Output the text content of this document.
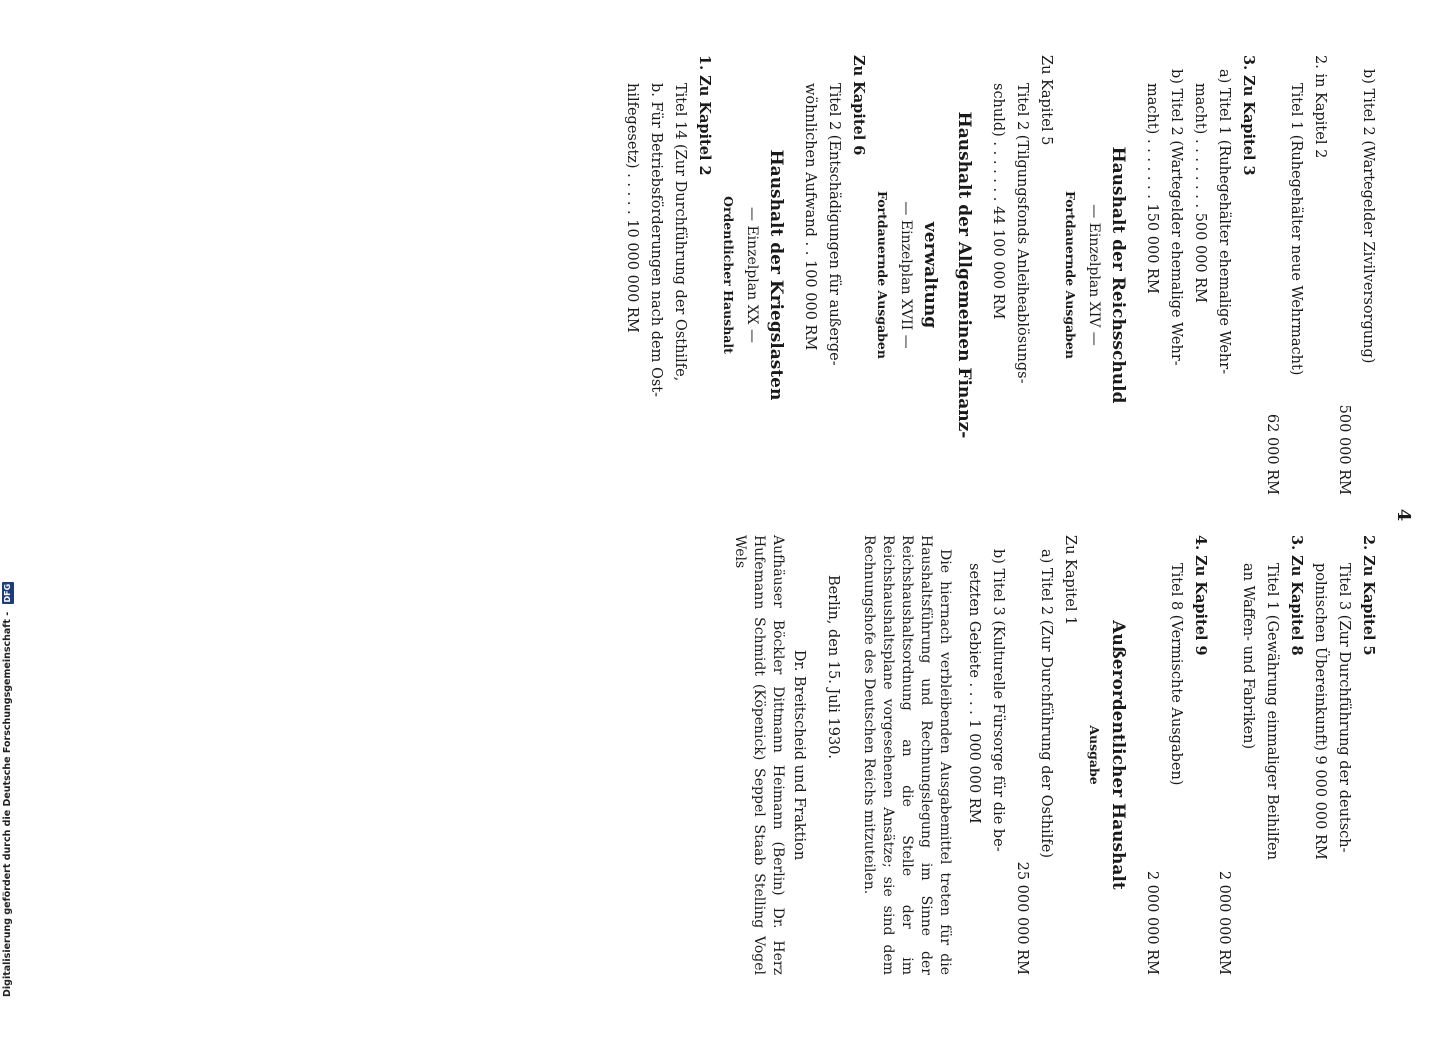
4
b) Titel 2 (Wartegelder Zivilversorgung)
500 000 RM
2. in Kapitel 2
Titel 1 (Ruhegehälter neue Wehrmacht)
62 000 RM
3. Zu Kapitel 3
a) Titel 1 (Ruhegehälter ehemalige Wehr-
macht) . . . . . . . . 500 000 RM
b) Titel 2 (Wartegelder ehemalige Wehr-
macht) . . . . . . . 150 000 RM
Haushalt der Reichsschuld
— Einzelplan XIV —
Fortdauernde Ausgaben
Zu Kapitel 5
Titel 2 (Tilgungsfonds Anleiheablösungs-
schuld) . . . . . . . 44 100 000 RM
Haushalt der Allgemeinen Finanz-
verwaltung
— Einzelplan XVII —
Fortdauernde Ausgaben
Zu Kapitel 6
Titel 2 (Entschädigungen für außerge-
wöhnlichen Aufwand . . 100 000 RM
Haushalt der Kriegslasten
— Einzelplan XX —
Ordentlicher Haushalt
1. Zu Kapitel 2
Titel 14 (Zur Durchführung der Osthilfe,
b. Für Betriebsförderungen nach dem Ost-
hilfegesetz) . . . . . 10 000 000 RM
2. Zu Kapitel 5
Titel 3 (Zur Durchführung der deutsch-
polnischen Übereinkunft) 9 000 000 RM
3. Zu Kapitel 8
Titel 1 (Gewährung einmaliger Beihilfen
an Waffen- und Fabriken)
2 000 000 RM
4. Zu Kapitel 9
Titel 8 (Vermischte Ausgaben)
2 000 000 RM
Außerordentlicher Haushalt
Ausgabe
Zu Kapitel 1
a) Titel 2 (Zur Durchführung der Osthilfe)
25 000 000 RM
b) Titel 3 (Kulturelle Fürsorge für die be-
setzten Gebiete . . . . 1 000 000 RM
Die hiernach verbleibenden Ausgabemittel treten für die Haushaltsführung und Rechnungslegung im Sinne der Reichshaushaltsordnung an die Stelle der im Reichshaushaltsplane vorgesehenen Ansätze; sie sind dem Rechnungshofe des Deutschen Reichs mitzuteilen.
Berlin, den 15. Juli 1930.
Dr. Breitscheid und Fraktion
Aufhäuser Böckler Dittmann Heimann (Berlin) Dr. Herz Hufemann Schmidt (Köpenick) Seppel Staab Stelling Vogel Wels
Digitalisierung gefördert durch die Deutsche Forschungsgemeinschaft - DFG
